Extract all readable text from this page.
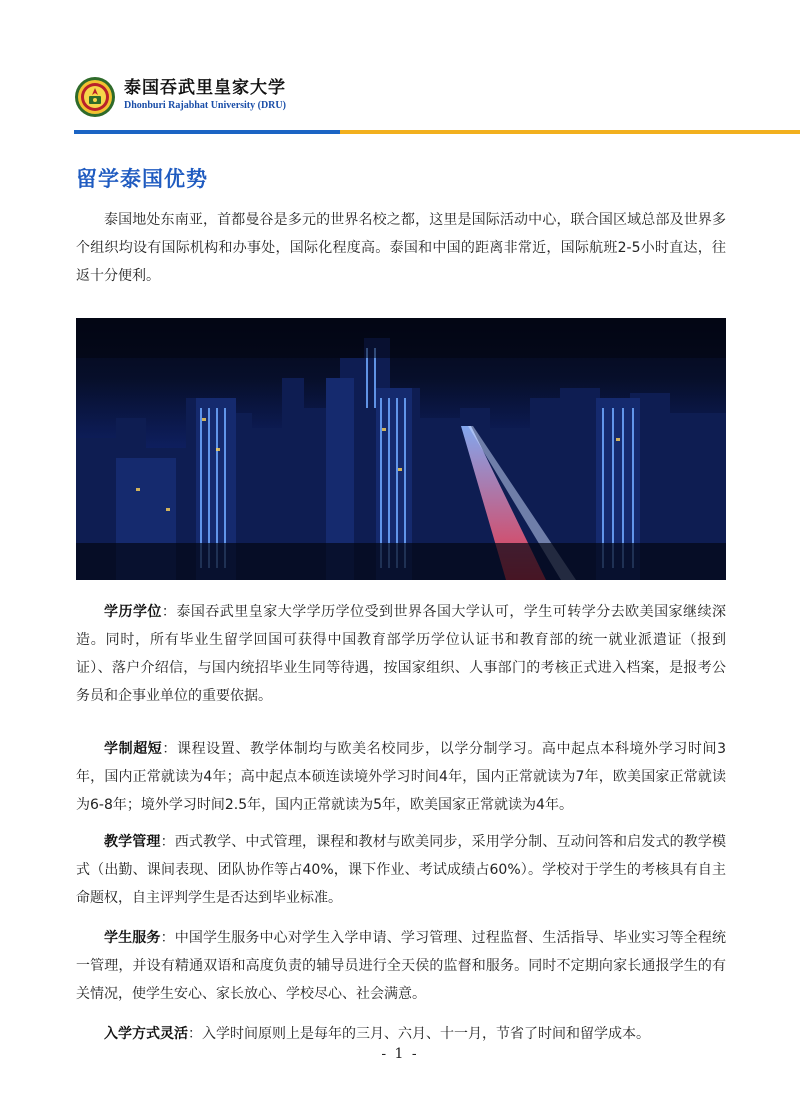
泰国吞武里皇家大学
Dhonburi Rajabhat University (DRU)
留学泰国优势

泰国地处东南亚，首都曼谷是多元的世界名校之都，这里是国际活动中心，联合国区域总部及世界多个组织均设有国际机构和办事处，国际化程度高。泰国和中国的距离非常近，国际航班2-5小时直达，往返十分便利。

学历学位：泰国吞武里皇家大学学历学位受到世界各国大学认可，学生可转学分去欧美国家继续深造。同时，所有毕业生留学回国可获得中国教育部学历学位认证书和教育部的统一就业派遣证（报到证）、落户介绍信，与国内统招毕业生同等待遇，按国家组织、人事部门的考核正式进入档案，是报考公务员和企事业单位的重要依据。

学制超短：课程设置、教学体制均与欧美名校同步，以学分制学习。高中起点本科境外学习时间3年，国内正常就读为4年；高中起点本硕连读境外学习时间4年，国内正常就读为7年，欧美国家正常就读为6-8年；境外学习时间2.5年，国内正常就读为5年，欧美国家正常就读为4年。

教学管理：西式教学、中式管理，课程和教材与欧美同步，采用学分制、互动问答和启发式的教学模式（出勤、课间表现、团队协作等占40%，课下作业、考试成绩占60%）。学校对于学生的考核具有自主命题权，自主评判学生是否达到毕业标准。

学生服务：中国学生服务中心对学生入学申请、学习管理、过程监督、生活指导、毕业实习等全程统一管理，并设有精通双语和高度负责的辅导员进行全天侯的监督和服务。同时不定期向家长通报学生的有关情况，使学生安心、家长放心、学校尽心、社会满意。

入学方式灵活：入学时间原则上是每年的三月、六月、十一月，节省了时间和留学成本。

- 1 -
